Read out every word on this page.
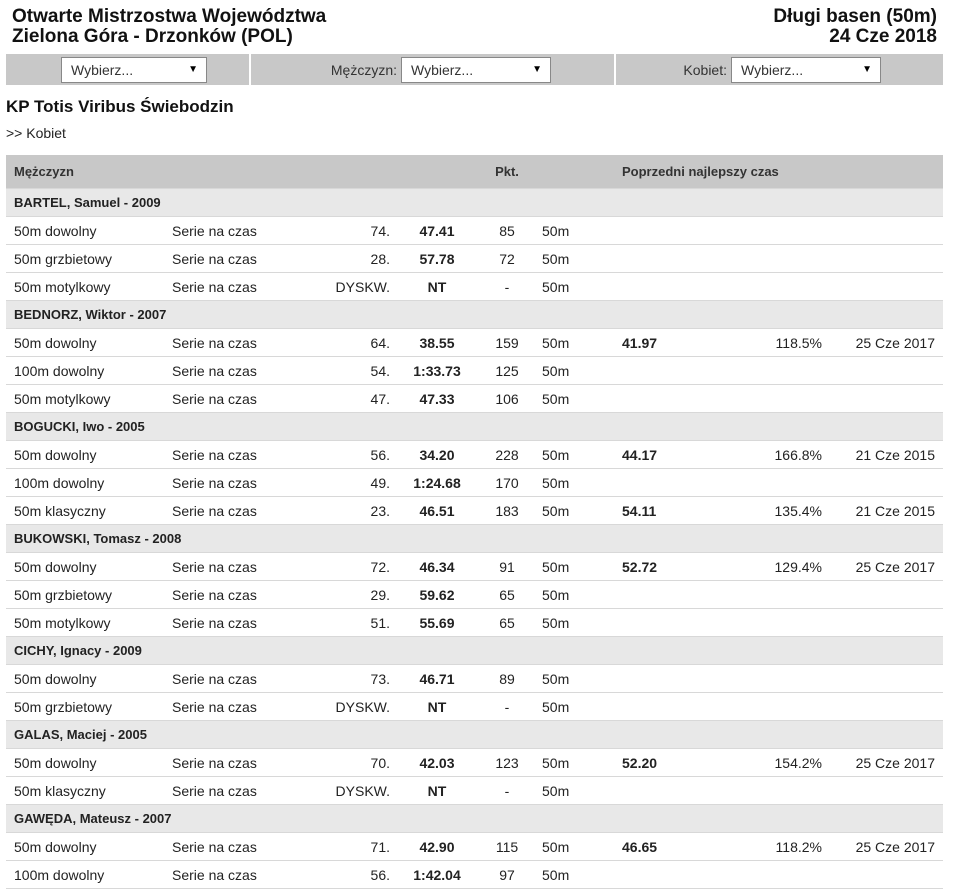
Otwarte Mistrzostwa Województwa
Zielona Góra - Drzonków (POL)
Długi basen (50m)
24 Cze 2018
Wybierz...	▼	Mężczyzn: Wybierz...	▼	Kobiet: Wybierz...	▼
KP Totis Viribus Świebodzin
>> Kobiet
Mężczyzn				Pkt.		Poprzedni najlepszy czas		
BARTEL, Samuel - 2009								
50m dowolny	Serie na czas	74.	47.41	85	50m			
50m grzbietowy	Serie na czas	28.	57.78	72	50m			
50m motylkowy	Serie na czas	DYSKW.	NT	-	50m			
BEDNORZ, Wiktor - 2007								
50m dowolny	Serie na czas	64.	38.55	159	50m	41.97	118.5%	25 Cze 2017
100m dowolny	Serie na czas	54.	1:33.73	125	50m			
50m motylkowy	Serie na czas	47.	47.33	106	50m			
BOGUCKI, Iwo - 2005								
50m dowolny	Serie na czas	56.	34.20	228	50m	44.17	166.8%	21 Cze 2015
100m dowolny	Serie na czas	49.	1:24.68	170	50m			
50m klasyczny	Serie na czas	23.	46.51	183	50m	54.11	135.4%	21 Cze 2015
BUKOWSKI, Tomasz - 2008								
50m dowolny	Serie na czas	72.	46.34	91	50m	52.72	129.4%	25 Cze 2017
50m grzbietowy	Serie na czas	29.	59.62	65	50m			
50m motylkowy	Serie na czas	51.	55.69	65	50m			
CICHY, Ignacy - 2009								
50m dowolny	Serie na czas	73.	46.71	89	50m			
50m grzbietowy	Serie na czas	DYSKW.	NT	-	50m			
GALAS, Maciej - 2005								
50m dowolny	Serie na czas	70.	42.03	123	50m	52.20	154.2%	25 Cze 2017
50m klasyczny	Serie na czas	DYSKW.	NT	-	50m			
GAWĘDA, Mateusz - 2007								
50m dowolny	Serie na czas	71.	42.90	115	50m	46.65	118.2%	25 Cze 2017
100m dowolny	Serie na czas	56.	1:42.04	97	50m			
